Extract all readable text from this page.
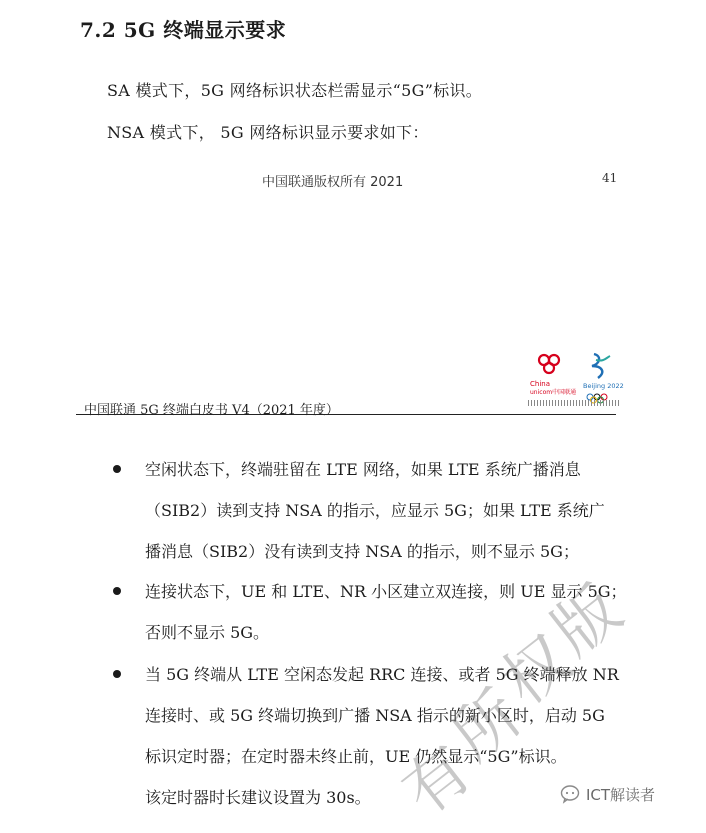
7.2 5G 终端显示要求
SA 模式下，5G 网络标识状态栏需显示“5G”标识。
NSA 模式下， 5G 网络标识显示要求如下：
中国联通版权所有 2021	41
China
unicom中国联通
Beijing 2022
中国联通 5G 终端白皮书 V4（2021 年度）
空闲状态下，终端驻留在 LTE 网络，如果 LTE 系统广播消息
（SIB2）读到支持 NSA 的指示，应显示 5G；如果 LTE 系统广
播消息（SIB2）没有读到支持 NSA 的指示，则不显示 5G；
连接状态下，UE 和 LTE、NR 小区建立双连接，则 UE 显示 5G；
否则不显示 5G。
当 5G 终端从 LTE 空闲态发起 RRC 连接、或者 5G 终端释放 NR
连接时、或 5G 终端切换到广播 NSA 指示的新小区时，启动 5G
标识定时器；在定时器未终止前，UE 仍然显示“5G”标识。
该定时器时长建议设置为 30s。
版
权
所
有	ICT解读者
